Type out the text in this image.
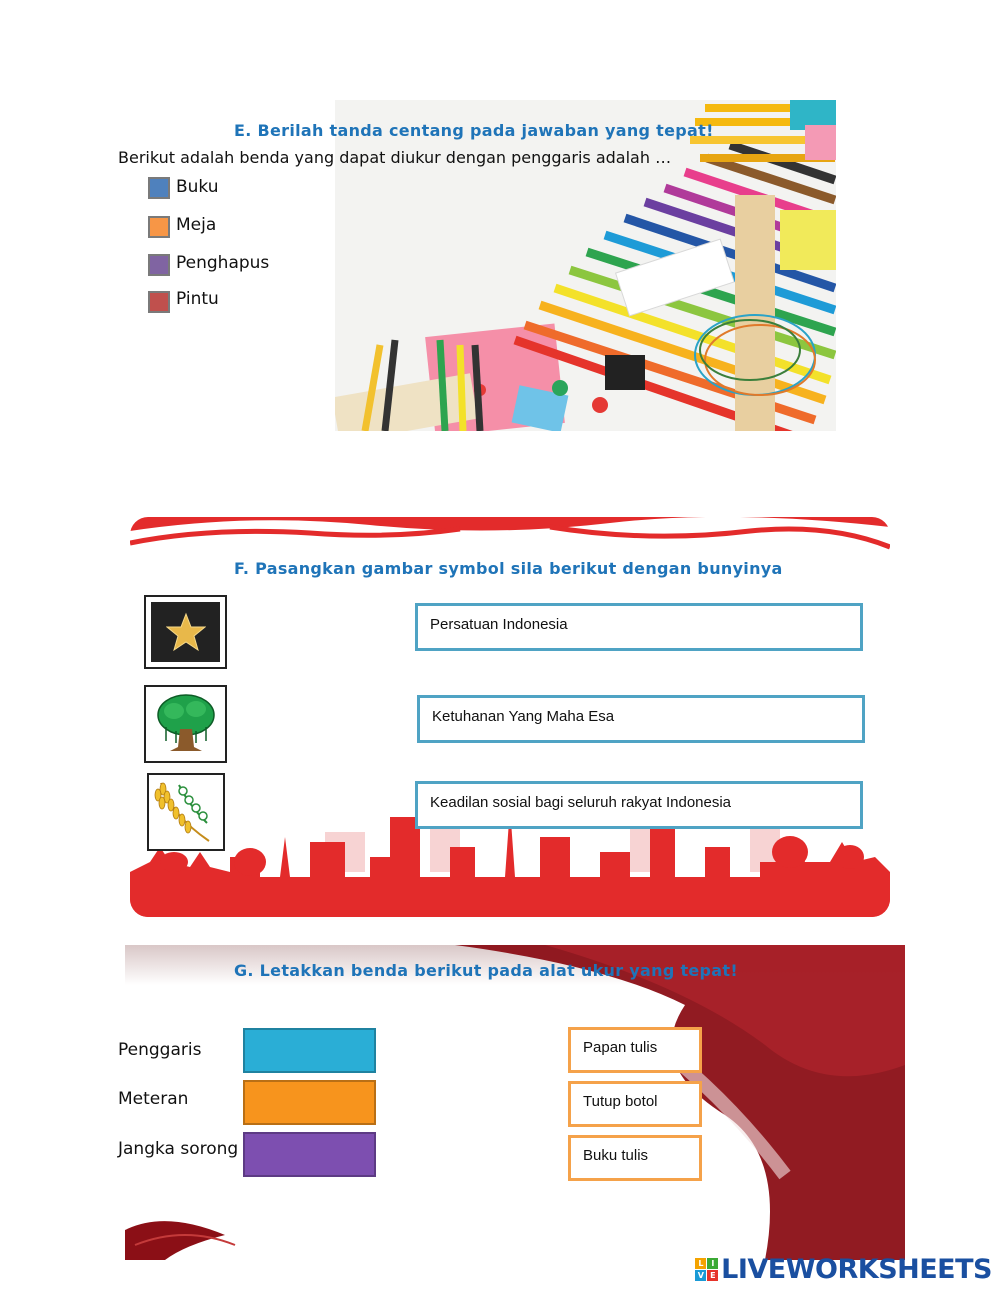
E. Berilah tanda centang pada jawaban yang tepat!
Berikut adalah benda yang dapat diukur dengan penggaris adalah …
Buku
Meja
Penghapus
Pintu
F. Pasangkan gambar symbol sila berikut dengan bunyinya
Persatuan Indonesia
Ketuhanan Yang Maha Esa
Keadilan sosial bagi seluruh rakyat Indonesia
G. Letakkan benda berikut pada alat ukur yang tepat!
Penggaris
Meteran
Jangka sorong
Papan tulis
Tutup botol
Buku tulis
L	I
V E LIVEWORKSHEETS
